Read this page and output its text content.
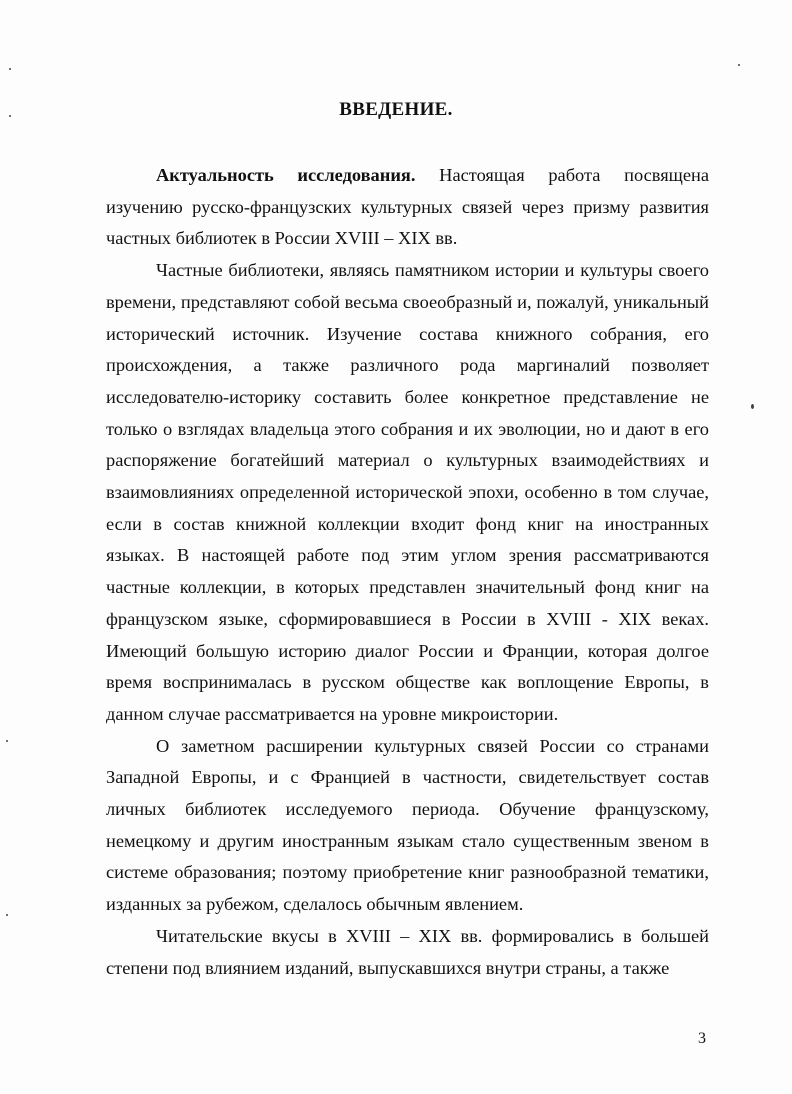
ВВЕДЕНИЕ.

Актуальность исследования. Настоящая работа посвящена изучению русско-французских культурных связей через призму развития частных библиотек в России XVIII – XIX вв.

Частные библиотеки, являясь памятником истории и культуры своего времени, представляют собой весьма своеобразный и, пожалуй, уникальный исторический источник. Изучение состава книжного собрания, его происхождения, а также различного рода маргиналий позволяет исследователю-историку составить более конкретное представление не только о взглядах владельца этого собрания и их эволюции, но и дают в его распоряжение богатейший материал о культурных взаимодействиях и взаимовлияниях определенной исторической эпохи, особенно в том случае, если в состав книжной коллекции входит фонд книг на иностранных языках. В настоящей работе под этим углом зрения рассматриваются частные коллекции, в которых представлен значительный фонд книг на французском языке, сформировавшиеся в России в XVIII - XIX веках. Имеющий большую историю диалог России и Франции, которая долгое время воспринималась в русском обществе как воплощение Европы, в данном случае рассматривается на уровне микроистории.

О заметном расширении культурных связей России со странами Западной Европы, и с Францией в частности, свидетельствует состав личных библиотек исследуемого периода. Обучение французскому, немецкому и другим иностранным языкам стало существенным звеном в системе образования; поэтому приобретение книг разнообразной тематики, изданных за рубежом, сделалось обычным явлением.

Читательские вкусы в XVIII – XIX вв. формировались в большей степени под влиянием изданий, выпускавшихся внутри страны, а также

3
